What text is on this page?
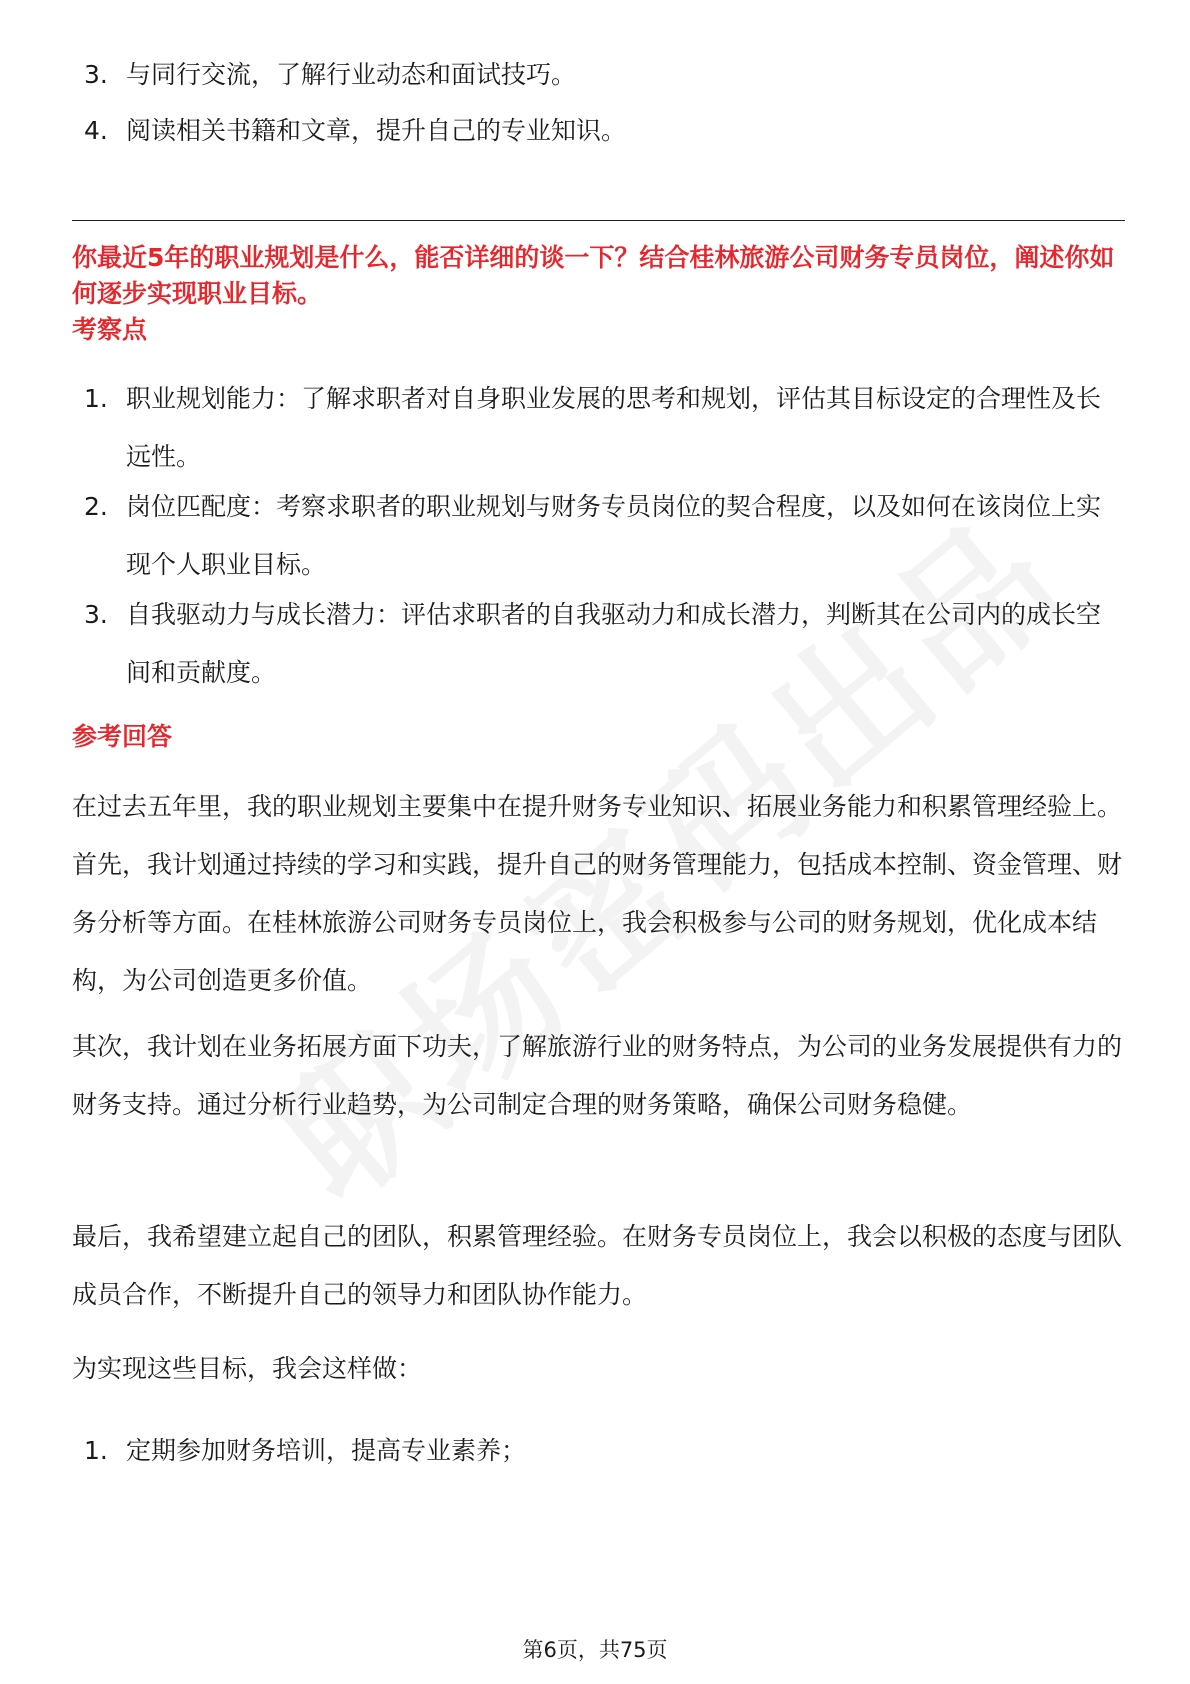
3. 与同行交流，了解行业动态和面试技巧。
4. 阅读相关书籍和文章，提升自己的专业知识。
你最近5年的职业规划是什么，能否详细的谈一下？结合桂林旅游公司财务专员岗位，阐述你如何逐步实现职业目标。
考察点
1. 职业规划能力：了解求职者对自身职业发展的思考和规划，评估其目标设定的合理性及长远性。
2. 岗位匹配度：考察求职者的职业规划与财务专员岗位的契合程度，以及如何在该岗位上实现个人职业目标。
3. 自我驱动力与成长潜力：评估求职者的自我驱动力和成长潜力，判断其在公司内的成长空间和贡献度。
参考回答

在过去五年里，我的职业规划主要集中在提升财务专业知识、拓展业务能力和积累管理经验上。首先，我计划通过持续的学习和实践，提升自己的财务管理能力，包括成本控制、资金管理、财务分析等方面。在桂林旅游公司财务专员岗位上，我会积极参与公司的财务规划，优化成本结构，为公司创造更多价值。

其次，我计划在业务拓展方面下功夫，了解旅游行业的财务特点，为公司的业务发展提供有力的财务支持。通过分析行业趋势，为公司制定合理的财务策略，确保公司财务稳健。

最后，我希望建立起自己的团队，积累管理经验。在财务专员岗位上，我会以积极的态度与团队成员合作，不断提升自己的领导力和团队协作能力。

为实现这些目标，我会这样做：

1. 定期参加财务培训，提高专业素养；
第6页，共75页
